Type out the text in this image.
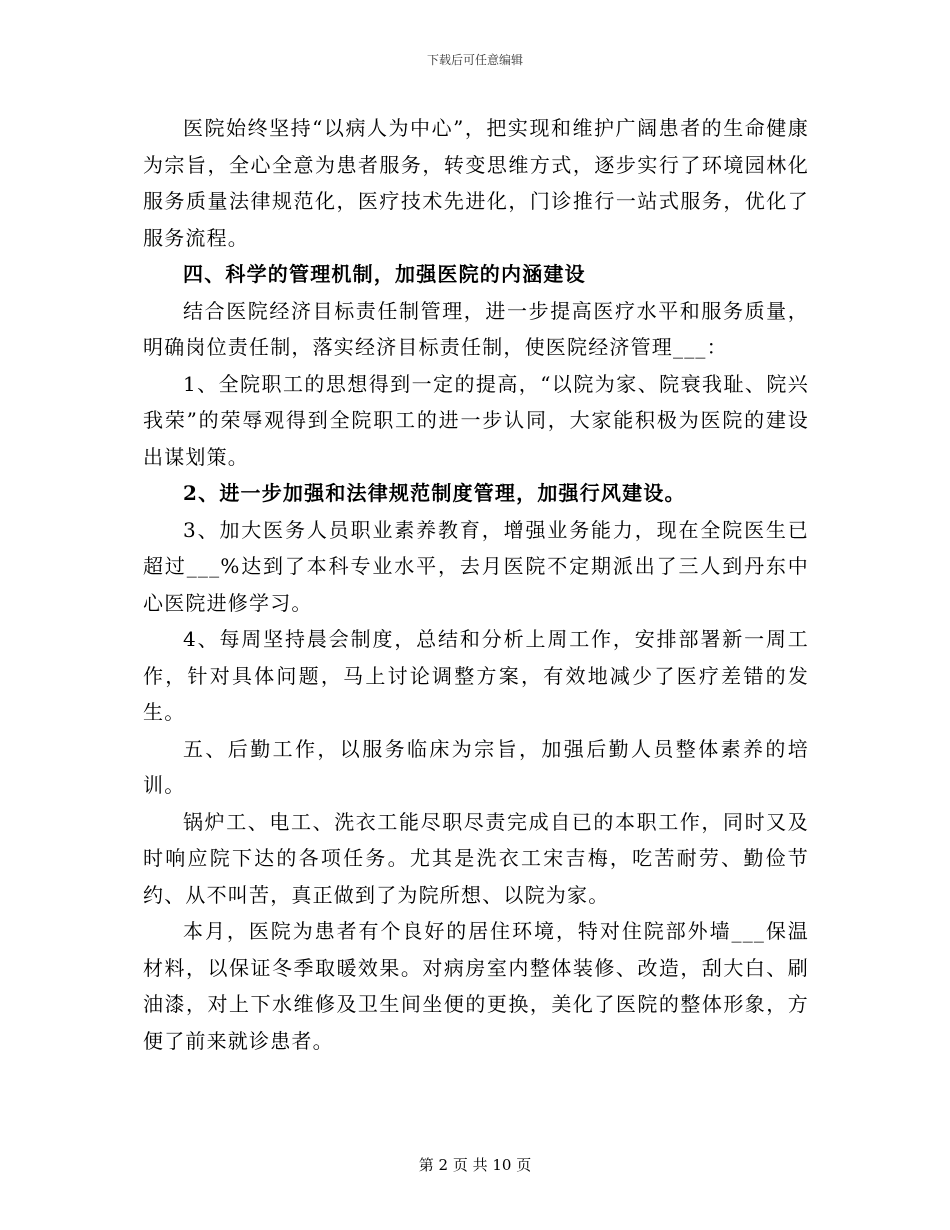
下载后可任意编辑

医院始终坚持“以病人为中心”，把实现和维护广阔患者的生命健康为宗旨，全心全意为患者服务，转变思维方式，逐步实行了环境园林化服务质量法律规范化，医疗技术先进化，门诊推行一站式服务，优化了服务流程。

四、科学的管理机制，加强医院的内涵建设

结合医院经济目标责任制管理，进一步提高医疗水平和服务质量，明确岗位责任制，落实经济目标责任制，使医院经济管理___：

1、全院职工的思想得到一定的提高，“以院为家、院衰我耻、院兴我荣”的荣辱观得到全院职工的进一步认同，大家能积极为医院的建设出谋划策。

2、进一步加强和法律规范制度管理，加强行风建设。

3、加大医务人员职业素养教育，增强业务能力，现在全院医生已超过___%达到了本科专业水平，去月医院不定期派出了三人到丹东中心医院进修学习。

4、每周坚持晨会制度，总结和分析上周工作，安排部署新一周工作，针对具体问题，马上讨论调整方案，有效地减少了医疗差错的发生。

五、后勤工作，以服务临床为宗旨，加强后勤人员整体素养的培训。

锅炉工、电工、洗衣工能尽职尽责完成自已的本职工作，同时又及时响应院下达的各项任务。尤其是洗衣工宋吉梅，吃苦耐劳、勤俭节约、从不叫苦，真正做到了为院所想、以院为家。

本月，医院为患者有个良好的居住环境，特对住院部外墙___保温材料，以保证冬季取暖效果。对病房室内整体装修、改造，刮大白、刷油漆，对上下水维修及卫生间坐便的更换，美化了医院的整体形象，方便了前来就诊患者。

第 2 页 共 10 页
